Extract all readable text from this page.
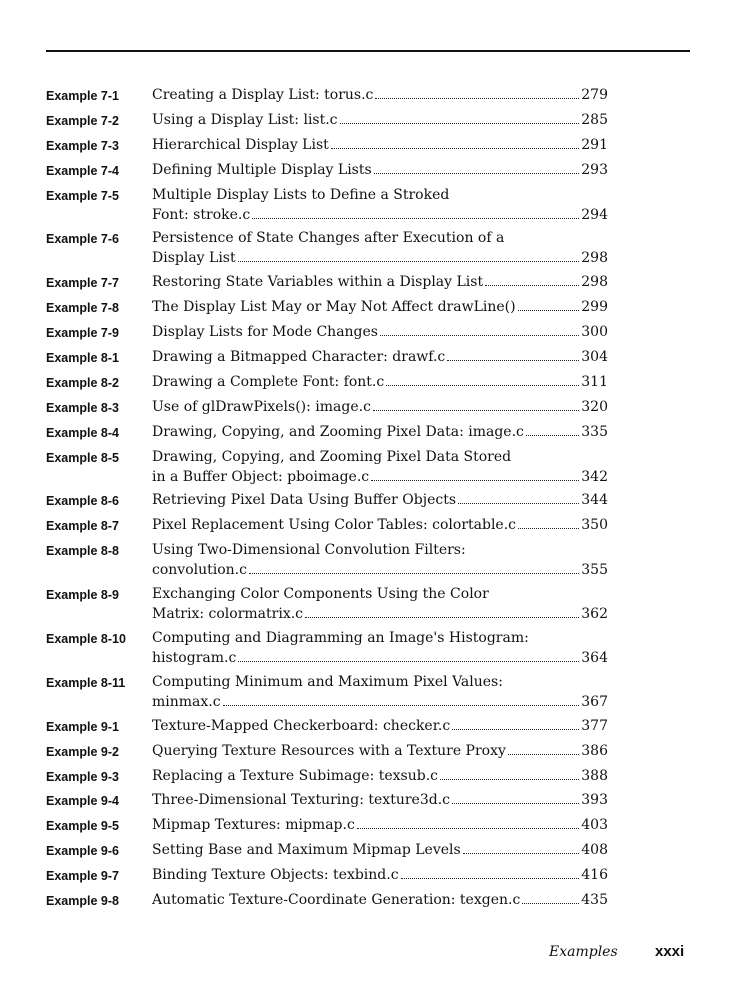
Example 7-1	Creating a Display List: torus.c	279
Example 7-2	Using a Display List: list.c	285
Example 7-3	Hierarchical Display List	291
Example 7-4	Defining Multiple Display Lists	293
Example 7-5	Multiple Display Lists to Define a Stroked
Font: stroke.c	294
Example 7-6	Persistence of State Changes after Execution of a
Display List	298
Example 7-7	Restoring State Variables within a Display List	298
Example 7-8	The Display List May or May Not Affect drawLine()	299
Example 7-9	Display Lists for Mode Changes	300
Example 8-1	Drawing a Bitmapped Character: drawf.c	304
Example 8-2	Drawing a Complete Font: font.c	311
Example 8-3	Use of glDrawPixels(): image.c	320
Example 8-4	Drawing, Copying, and Zooming Pixel Data: image.c	335
Example 8-5	Drawing, Copying, and Zooming Pixel Data Stored
in a Buffer Object: pboimage.c	342
Example 8-6	Retrieving Pixel Data Using Buffer Objects	344
Example 8-7	Pixel Replacement Using Color Tables: colortable.c	350
Example 8-8	Using Two-Dimensional Convolution Filters:
convolution.c	355
Example 8-9	Exchanging Color Components Using the Color
Matrix: colormatrix.c	362
Example 8-10	Computing and Diagramming an Image's Histogram:
histogram.c	364
Example 8-11	Computing Minimum and Maximum Pixel Values:
minmax.c	367
Example 9-1	Texture-Mapped Checkerboard: checker.c	377
Example 9-2	Querying Texture Resources with a Texture Proxy	386
Example 9-3	Replacing a Texture Subimage: texsub.c	388
Example 9-4	Three-Dimensional Texturing: texture3d.c	393
Example 9-5	Mipmap Textures: mipmap.c	403
Example 9-6	Setting Base and Maximum Mipmap Levels	408
Example 9-7	Binding Texture Objects: texbind.c	416
Example 9-8	Automatic Texture-Coordinate Generation: texgen.c	435
Examples xxxi
